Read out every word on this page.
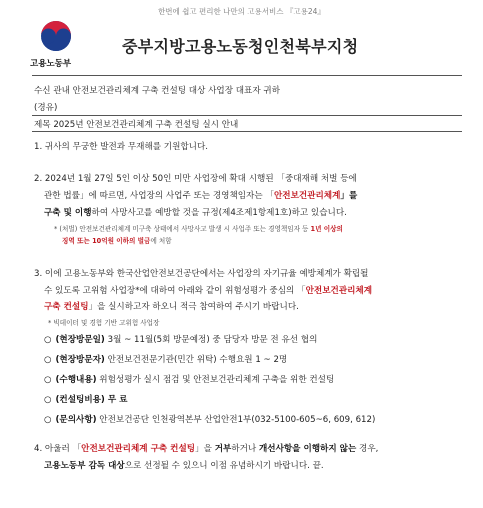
한번에 쉽고 편리한 나만의 고용서비스 『고용24』
고용노동부
중부지방고용노동청인천북부지청
수신 관내 안전보건관리체계 구축 컨설팅 대상 사업장 대표자 귀하
(경유)
제목 2025년 안전보건관리체계 구축 컨설팅 실시 안내
1. 귀사의 무궁한 발전과 무재해를 기원합니다.
2. 2024년 1월 27일 5인 이상 50인 미만 사업장에 확대 시행된 「중대재해 처벌 등에
관한 법률」에 따르면, 사업장의 사업주 또는 경영책임자는 「안전보건관리체계」를
구축 및 이행하여 사망사고를 예방할 것을 규정(제4조제1항제1호)하고 있습니다.
* (처벌) 안전보건관리체계 미구축 상태에서 사망사고 발생 시 사업주 또는 경영책임자 등 1년 이상의
징역 또는 10억원 이하의 벌금에 처함
3. 이에 고용노동부와 한국산업안전보건공단에서는 사업장의 자기규율 예방체계가 확립될
수 있도록 고위험 사업장*에 대하여 아래와 같이 위험성평가 중심의 「안전보건관리체계
구축 컨설팅」을 실시하고자 하오니 적극 참여하여 주시기 바랍니다.
* 빅데이터 및 경험 기반 고위험 사업장
○ (현장방문일) 3월 ~ 11월(5회 방문예정) 중 담당자 방문 전 유선 협의
○ (현장방문자) 안전보건전문기관(민간 위탁) 수행요원 1 ~ 2명
○ (수행내용) 위험성평가 실시 점검 및 안전보건관리체계 구축을 위한 컨설팅
○ (컨설팅비용) 무 료
○ (문의사항) 안전보건공단 인천광역본부 산업안전1부(032-5100-605~6, 609, 612)
4. 아울러 「안전보건관리체계 구축 컨설팅」을 거부하거나 개선사항을 이행하지 않는 경우,
고용노동부 감독 대상으로 선정될 수 있으니 이점 유념하시기 바랍니다. 끝.
